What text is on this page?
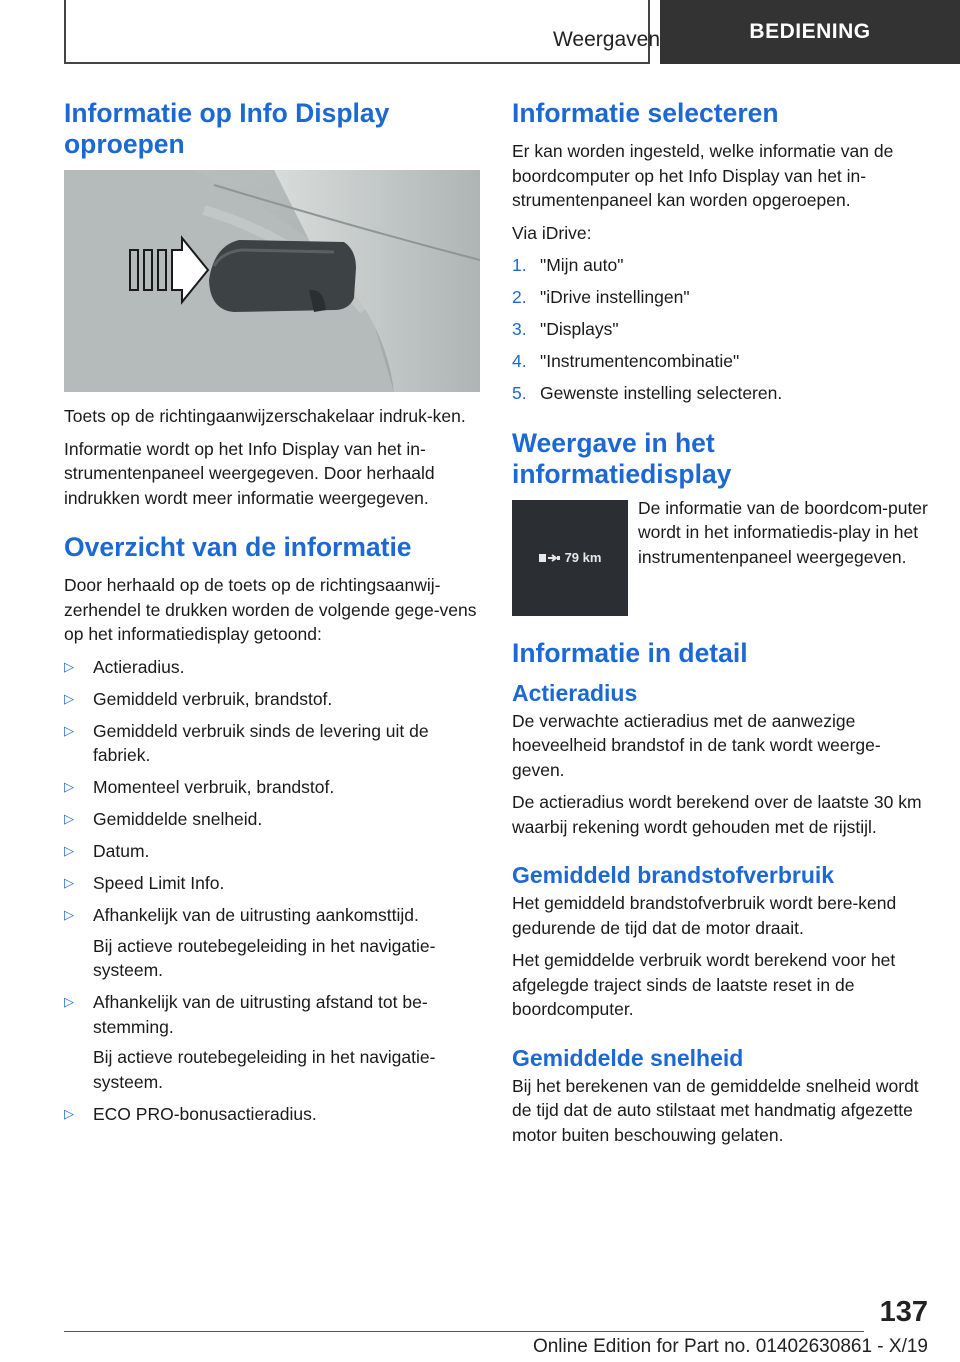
Weergaven	BEDIENING
Informatie op Info Display oproepen

Toets op de richtingaanwijzerschakelaar indruk-ken.

Informatie wordt op het Info Display van het in-strumentenpaneel weergegeven. Door herhaald indrukken wordt meer informatie weergegeven.

Overzicht van de informatie

Door herhaald op de toets op de richtingsaanwij-zerhendel te drukken worden de volgende gege-vens op het informatiedisplay getoond:

▷ Actieradius.
▷ Gemiddeld verbruik, brandstof.
▷ Gemiddeld verbruik sinds de levering uit de fabriek.
▷ Momenteel verbruik, brandstof.
▷ Gemiddelde snelheid.
▷ Datum.
▷ Speed Limit Info.
▷ Afhankelijk van de uitrusting aankomsttijd.
Bij actieve routebegeleiding in het navigatie-systeem.
▷ Afhankelijk van de uitrusting afstand tot be-stemming.
Bij actieve routebegeleiding in het navigatie-systeem.
▷ ECO PRO-bonusactieradius.
Informatie selecteren

Er kan worden ingesteld, welke informatie van de boordcomputer op het Info Display van het in-strumentenpaneel kan worden opgeroepen.

Via iDrive:

1. "Mijn auto"
2. "iDrive instellingen"
3. "Displays"
4. "Instrumentencombinatie"
5. Gewenste instelling selecteren.
Weergave in het informatiedisplay
79 km
De informatie van de boordcom-puter wordt in het informatiedis-play in het instrumentenpaneel weergegeven.
Informatie in detail
Actieradius

De verwachte actieradius met de aanwezige hoeveelheid brandstof in de tank wordt weerge-geven.

De actieradius wordt berekend over de laatste 30 km waarbij rekening wordt gehouden met de rijstijl.

Gemiddeld brandstofverbruik

Het gemiddeld brandstofverbruik wordt bere-kend gedurende de tijd dat de motor draait.

Het gemiddelde verbruik wordt berekend voor het afgelegde traject sinds de laatste reset in de boordcomputer.

Gemiddelde snelheid

Bij het berekenen van de gemiddelde snelheid wordt de tijd dat de auto stilstaat met handmatig afgezette motor buiten beschouwing gelaten.

137
Online Edition for Part no. 01402630861 - X/19
